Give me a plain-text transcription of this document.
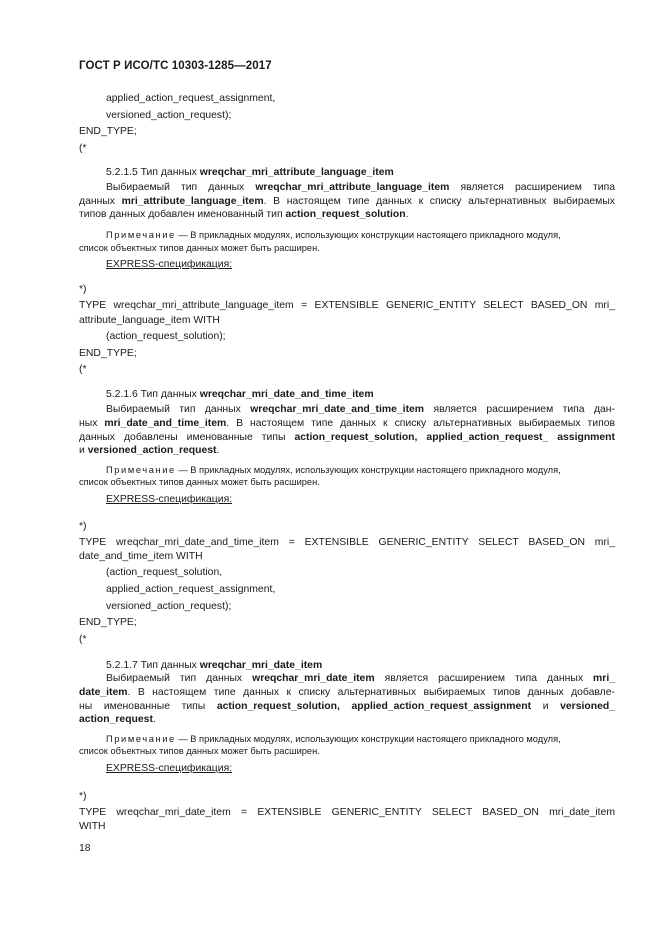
ГОСТ Р ИСО/ТС 10303-1285—2017
applied_action_request_assignment,
versioned_action_request);
END_TYPE;
(*
5.2.1.5 Тип данных wreqchar_mri_attribute_language_item
Выбираемый тип данных wreqchar_mri_attribute_language_item является расширением типа
данных mri_attribute_language_item. В настоящем типе данных к списку альтернативных выбираемых
типов данных добавлен именованный тип action_request_solution.
Примечание — В прикладных модулях, использующих конструкции настоящего прикладного модуля,
список объектных типов данных может быть расширен.
EXPRESS-спецификация:
*)
TYPE wreqchar_mri_attribute_language_item = EXTENSIBLE GENERIC_ENTITY SELECT BASED_ON mri_
attribute_language_item WITH
(action_request_solution);
END_TYPE;
(*
5.2.1.6 Тип данных wreqchar_mri_date_and_time_item
Выбираемый тип данных wreqchar_mri_date_and_time_item является расширением типа дан-
ных mri_date_and_time_item. В настоящем типе данных к списку альтернативных выбираемых типов
данных добавлены именованные типы action_request_solution, applied_action_request_ assignment
и versioned_action_request.
Примечание — В прикладных модулях, использующих конструкции настоящего прикладного модуля,
список объектных типов данных может быть расширен.
EXPRESS-спецификация:
*)
TYPE wreqchar_mri_date_and_time_item = EXTENSIBLE GENERIC_ENTITY SELECT BASED_ON mri_
date_and_time_item WITH
(action_request_solution,
applied_action_request_assignment,
versioned_action_request);
END_TYPE;
(*
5.2.1.7 Тип данных wreqchar_mri_date_item
Выбираемый тип данных wreqchar_mri_date_item является расширением типа данных mri_
date_item. В настоящем типе данных к списку альтернативных выбираемых типов данных добавле-
ны именованные типы action_request_solution, applied_action_request_assignment и versioned_
action_request.
Примечание — В прикладных модулях, использующих конструкции настоящего прикладного модуля,
список объектных типов данных может быть расширен.
EXPRESS-спецификация:
*)
TYPE wreqchar_mri_date_item = EXTENSIBLE GENERIC_ENTITY SELECT BASED_ON mri_date_item
WITH
18
